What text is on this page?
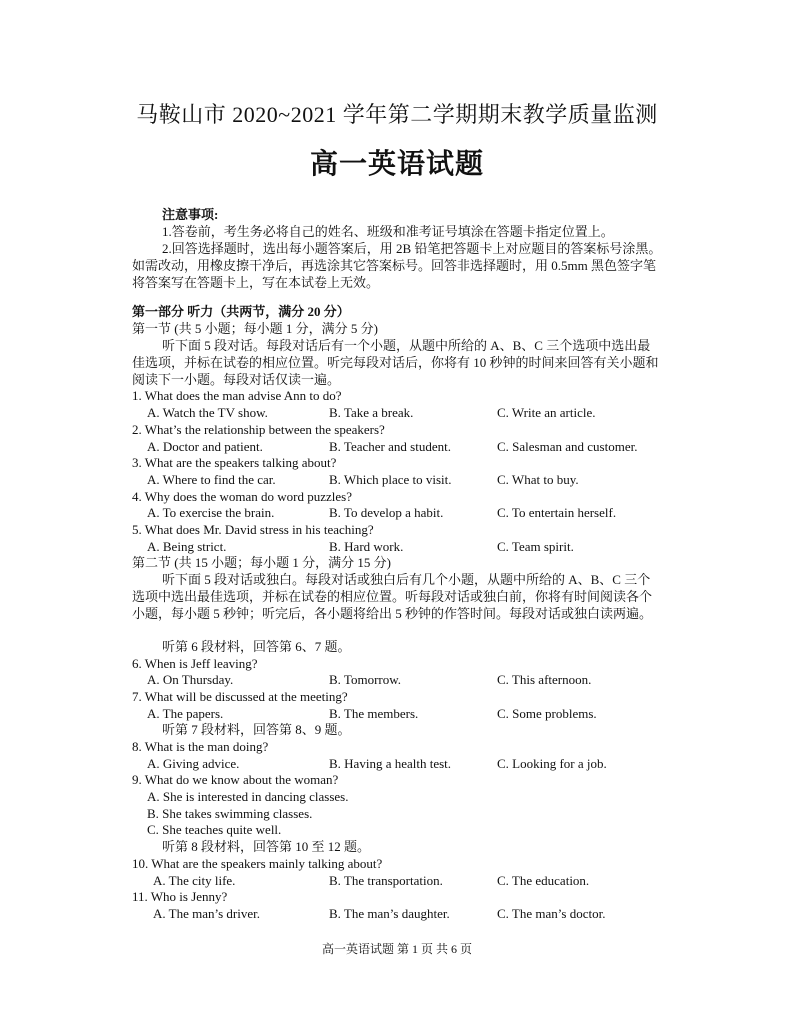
马鞍山市 2020~2021 学年第二学期期末教学质量监测
高一英语试题
注意事项:
1.答卷前，考生务必将自己的姓名、班级和准考证号填涂在答题卡指定位置上。
2.回答选择题时，选出每小题答案后，用 2B 铅笔把答题卡上对应题目的答案标号涂黑。如需改动，用橡皮擦干净后，再选涂其它答案标号。回答非选择题时，用 0.5mm 黑色签字笔将答案写在答题卡上，写在本试卷上无效。
第一部分 听力（共两节，满分 20 分）
第一节 (共 5 小题；每小题 1 分，满分 5 分)
听下面 5 段对话。每段对话后有一个小题，从题中所给的 A、B、C 三个选项中选出最佳选项，并标在试卷的相应位置。听完每段对话后，你将有 10 秒钟的时间来回答有关小题和阅读下一小题。每段对话仅读一遍。
1. What does the man advise Ann to do?
A. Watch the TV show.	B. Take a break.	C. Write an article.
2. What’s the relationship between the speakers?
A. Doctor and patient.	B. Teacher and student.	C. Salesman and customer.
3. What are the speakers talking about?
A. Where to find the car.	B. Which place to visit.	C. What to buy.
4. Why does the woman do word puzzles?
A. To exercise the brain.	B. To develop a habit.	C. To entertain herself.
5. What does Mr. David stress in his teaching?
A. Being strict.	B. Hard work.	C. Team spirit.
第二节 (共 15 小题；每小题 1 分，满分 15 分)
听下面 5 段对话或独白。每段对话或独白后有几个小题，从题中所给的 A、B、C 三个选项中选出最佳选项，并标在试卷的相应位置。听每段对话或独白前，你将有时间阅读各个小题，每小题 5 秒钟；听完后，各小题将给出 5 秒钟的作答时间。每段对话或独白读两遍。
听第 6 段材料，回答第 6、7 题。
6. When is Jeff leaving?
A. On Thursday.	B. Tomorrow.	C. This afternoon.
7. What will be discussed at the meeting?
A. The papers.	B. The members.	C. Some problems.
听第 7 段材料，回答第 8、9 题。
8. What is the man doing?
A. Giving advice.	B. Having a health test.	C. Looking for a job.
9. What do we know about the woman?
A. She is interested in dancing classes.
B. She takes swimming classes.
C. She teaches quite well.
听第 8 段材料，回答第 10 至 12 题。
10. What are the speakers mainly talking about?
A. The city life.	B. The transportation.	C. The education.
11. Who is Jenny?
A. The man’s driver.	B. The man’s daughter.	C. The man’s doctor.
高一英语试题 第 1 页 共 6 页
